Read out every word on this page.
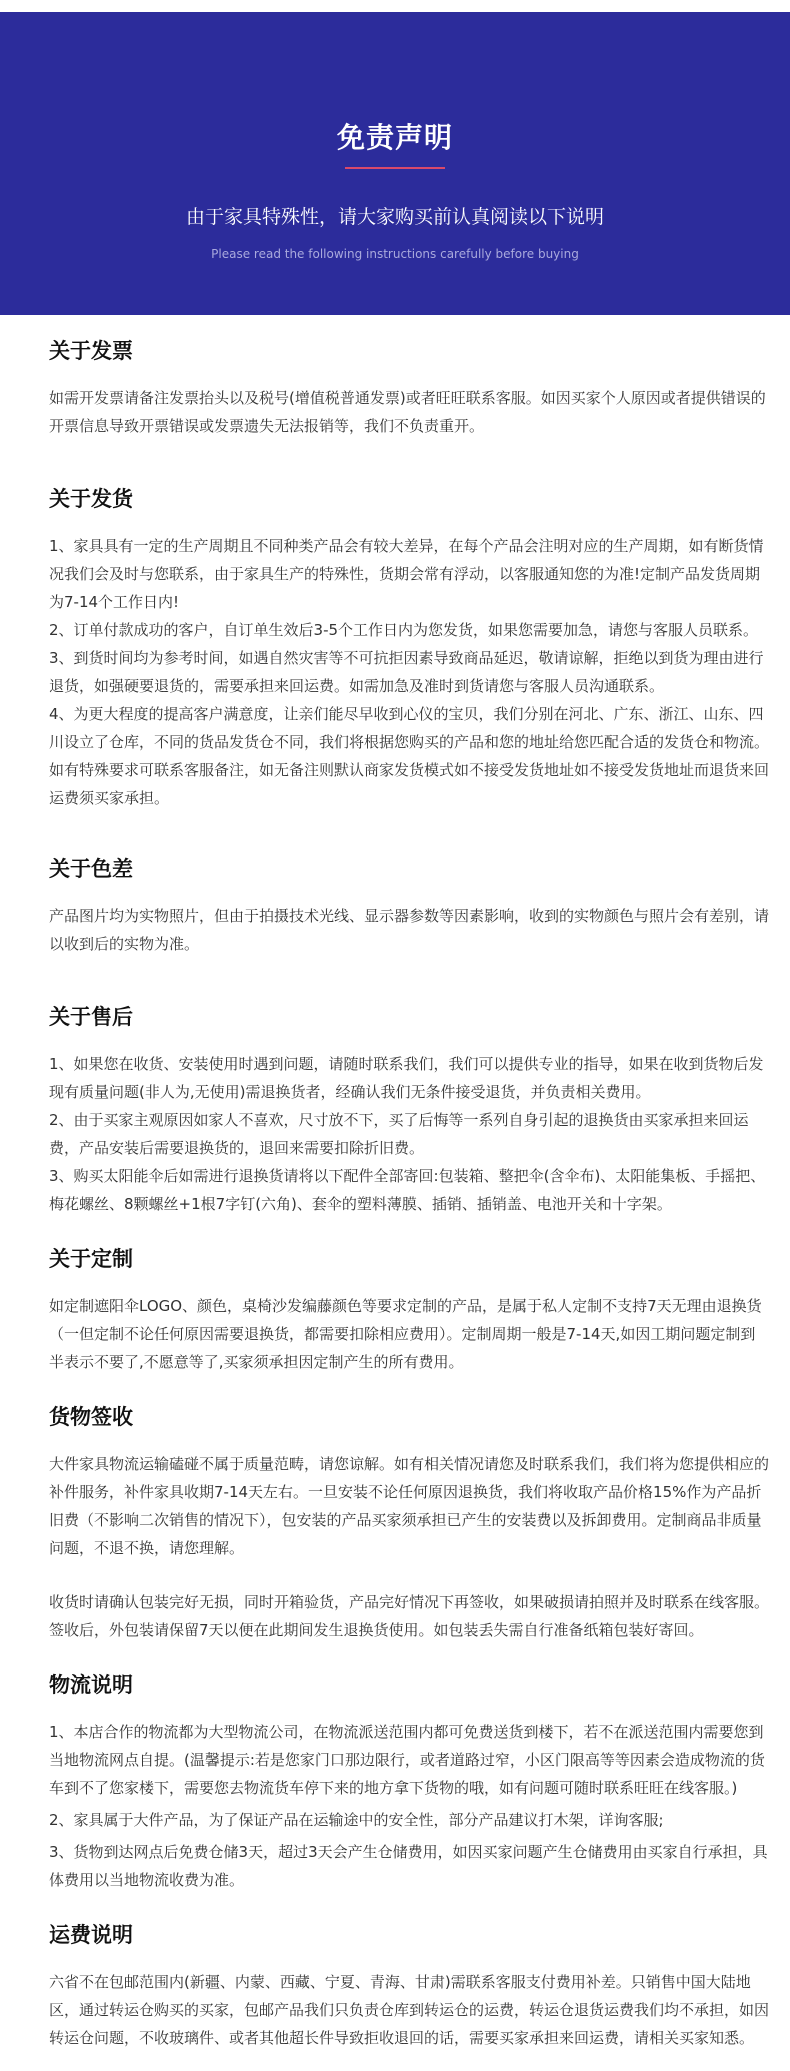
免责声明
由于家具特殊性，请大家购买前认真阅读以下说明
Please read the following instructions carefully before buying
关于发票

如需开发票请备注发票抬头以及税号(增值税普通发票)或者旺旺联系客服。如因买家个人原因或者提供错误的开票信息导致开票错误或发票遗失无法报销等，我们不负责重开。

关于发货

1、家具具有一定的生产周期且不同种类产品会有较大差异，在每个产品会注明对应的生产周期，如有断货情况我们会及时与您联系，由于家具生产的特殊性，货期会常有浮动，以客服通知您的为准!定制产品发货周期为7-14个工作日内!

2、订单付款成功的客户，自订单生效后3-5个工作日内为您发货，如果您需要加急，请您与客服人员联系。

3、到货时间均为参考时间，如遇自然灾害等不可抗拒因素导致商品延迟，敬请谅解，拒绝以到货为理由进行退货，如强硬要退货的，需要承担来回运费。如需加急及准时到货请您与客服人员沟通联系。

4、为更大程度的提高客户满意度，让亲们能尽早收到心仪的宝贝，我们分别在河北、广东、浙江、山东、四川设立了仓库，不同的货品发货仓不同，我们将根据您购买的产品和您的地址给您匹配合适的发货仓和物流。如有特殊要求可联系客服备注，如无备注则默认商家发货模式如不接受发货地址如不接受发货地址而退货来回运费须买家承担。

关于色差

产品图片均为实物照片，但由于拍摄技术光线、显示器参数等因素影响，收到的实物颜色与照片会有差别，请以收到后的实物为准。

关于售后

1、如果您在收货、安装使用时遇到问题，请随时联系我们，我们可以提供专业的指导，如果在收到货物后发现有质量问题(非人为,无使用)需退换货者，经确认我们无条件接受退货，并负责相关费用。

2、由于买家主观原因如家人不喜欢，尺寸放不下，买了后悔等一系列自身引起的退换货由买家承担来回运费，产品安装后需要退换货的，退回来需要扣除折旧费。

3、购买太阳能伞后如需进行退换货请将以下配件全部寄回:包装箱、整把伞(含伞布)、太阳能集板、手摇把、梅花螺丝、8颗螺丝+1根7字钉(六角)、套伞的塑料薄膜、插销、插销盖、电池开关和十字架。

关于定制

如定制遮阳伞LOGO、颜色，桌椅沙发编藤颜色等要求定制的产品，是属于私人定制不支持7天无理由退换货（一但定制不论任何原因需要退换货，都需要扣除相应费用）。定制周期一般是7-14天,如因工期问题定制到半表示不要了,不愿意等了,买家须承担因定制产生的所有费用。

货物签收

大件家具物流运输磕碰不属于质量范畴，请您谅解。如有相关情况请您及时联系我们，我们将为您提供相应的补件服务，补件家具收期7-14天左右。一旦安装不论任何原因退换货，我们将收取产品价格15%作为产品折旧费（不影响二次销售的情况下），包安装的产品买家须承担已产生的安装费以及拆卸费用。定制商品非质量问题，不退不换，请您理解。

收货时请确认包装完好无损，同时开箱验货，产品完好情况下再签收，如果破损请拍照并及时联系在线客服。签收后，外包装请保留7天以便在此期间发生退换货使用。如包装丢失需自行准备纸箱包装好寄回。

物流说明

1、本店合作的物流都为大型物流公司，在物流派送范围内都可免费送货到楼下，若不在派送范围内需要您到当地物流网点自提。(温馨提示:若是您家门口那边限行，或者道路过窄，小区门限高等等因素会造成物流的货车到不了您家楼下，需要您去物流货车停下来的地方拿下货物的哦，如有问题可随时联系旺旺在线客服。)

2、家具属于大件产品，为了保证产品在运输途中的安全性，部分产品建议打木架，详询客服;

3、货物到达网点后免费仓储3天，超过3天会产生仓储费用，如因买家问题产生仓储费用由买家自行承担，具体费用以当地物流收费为准。

运费说明

六省不在包邮范围内(新疆、内蒙、西藏、宁夏、青海、甘肃)需联系客服支付费用补差。只销售中国大陆地区，通过转运仓购买的买家，包邮产品我们只负责仓库到转运仓的运费，转运仓退货运费我们均不承担，如因转运仓问题，不收玻璃件、或者其他超长件导致拒收退回的话，需要买家承担来回运费，请相关买家知悉。
